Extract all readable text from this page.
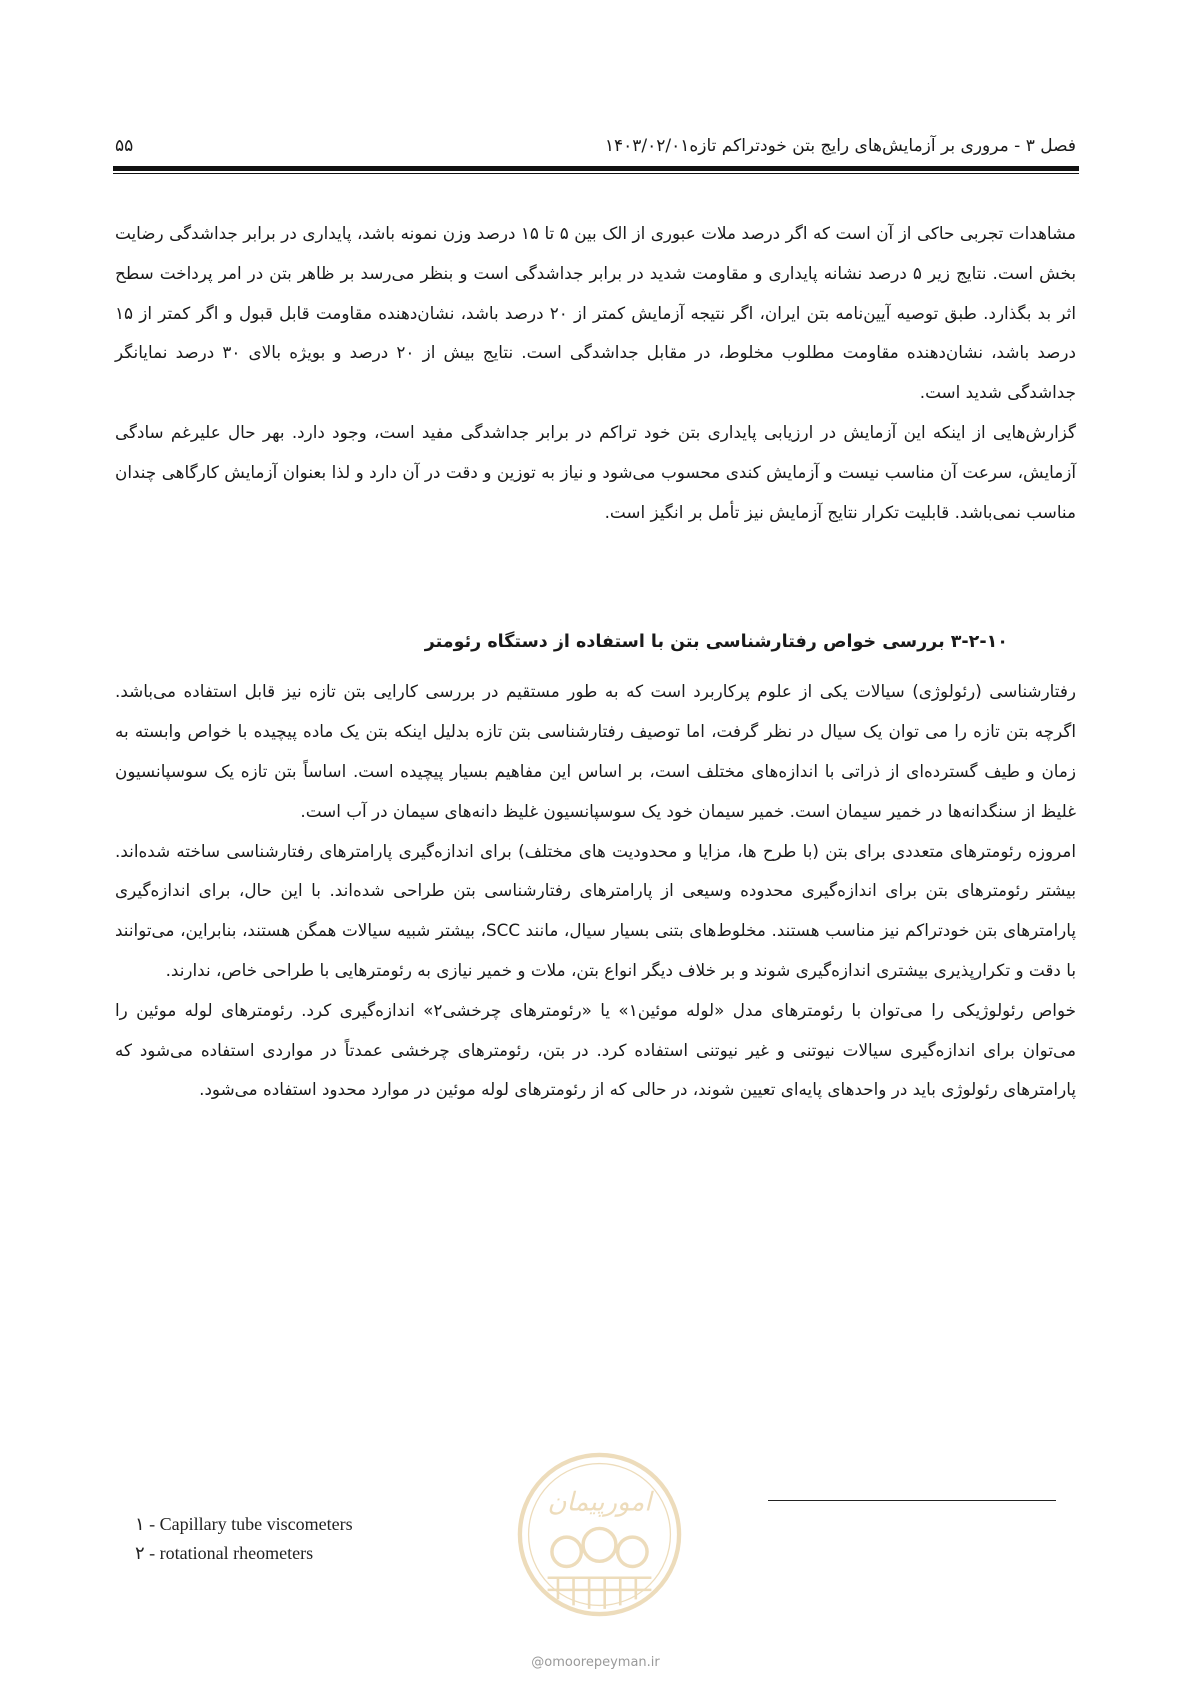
۵۵	فصل ۳ - مروری بر آزمایش‌های رایج بتن خودتراکم تازه۱۴۰۳/۰۲/۰۱

مشاهدات تجربی حاکی از آن است که اگر درصد ملات عبوری از الک بین ۵ تا ۱۵ درصد وزن نمونه باشد، پایداری در برابر جداشدگی رضایت بخش است. نتایج زیر ۵ درصد نشانه پایداری و مقاومت شدید در برابر جداشدگی است و بنظر می‌رسد بر ظاهر بتن در امر پرداخت سطح اثر بد بگذارد. طبق توصیه آیین‌نامه بتن ایران، اگر نتیجه آزمایش کمتر از ۲۰ درصد باشد، نشان‌دهنده مقاومت قابل قبول و اگر کمتر از ۱۵ درصد باشد، نشان‌دهنده مقاومت مطلوب مخلوط، در مقابل جداشدگی است. نتایج بیش از ۲۰ درصد و بویژه بالای ۳۰ درصد نمایانگر جداشدگی شدید است.

گزارش‌هایی از اینکه این آزمایش در ارزیابی پایداری بتن خود تراکم در برابر جداشدگی مفید است، وجود دارد. بهر حال علیرغم سادگی آزمایش، سرعت آن مناسب نیست و آزمایش کندی محسوب می‌شود و نیاز به توزین و دقت در آن دارد و لذا بعنوان آزمایش کارگاهی چندان مناسب نمی‌باشد. قابلیت تکرار نتایج آزمایش نیز تأمل بر انگیز است.

۳-۲-۱۰ بررسی خواص رفتارشناسی بتن با استفاده از دستگاه رئومتر

رفتارشناسی (رئولوژی) سیالات یکی از علوم پرکاربرد است که به طور مستقیم در بررسی کارایی بتن تازه نیز قابل استفاده می‌باشد. اگرچه بتن تازه را می توان یک سیال در نظر گرفت، اما توصیف رفتارشناسی بتن تازه بدلیل اینکه بتن یک ماده پیچیده با خواص وابسته به زمان و طیف گسترده‌ای از ذراتی با اندازه‌های مختلف است، بر اساس این مفاهیم بسیار پیچیده است. اساساً بتن تازه یک سوسپانسیون غلیظ از سنگدانه‌ها در خمیر سیمان است. خمیر سیمان خود یک سوسپانسیون غلیظ دانه‌های سیمان در آب است.

امروزه رئومترهای متعددی برای بتن (با طرح ها، مزایا و محدودیت های مختلف) برای اندازه‌گیری پارامترهای رفتارشناسی ساخته شده‌اند. بیشتر رئومترهای بتن برای اندازه‌گیری محدوده وسیعی از پارامترهای رفتارشناسی بتن طراحی شده‌اند. با این حال، برای اندازه‌گیری پارامترهای بتن خودتراکم نیز مناسب هستند. مخلوط‌های بتنی بسیار سیال، مانند SCC، بیشتر شبیه سیالات همگن هستند، بنابراین، می‌توانند با دقت و تکرارپذیری بیشتری اندازه‌گیری شوند و بر خلاف دیگر انواع بتن، ملات و خمیر نیازی به رئومترهایی با طراحی خاص، ندارند.

خواص رئولوژیکی را می‌توان با رئومترهای مدل «لوله موئین۱» یا «رئومترهای چرخشی۲» اندازه‌گیری کرد. رئومترهای لوله موئین را می‌توان برای اندازه‌گیری سیالات نیوتنی و غیر نیوتنی استفاده کرد. در بتن، رئومترهای چرخشی عمدتاً در مواردی استفاده می‌شود که پارامترهای رئولوژی باید در واحدهای پایه‌ای تعیین شوند، در حالی که از رئومترهای لوله موئین در موارد محدود استفاده می‌شود.

۱ - Capillary tube viscometers
۲ - rotational rheometers
امورپیمان
@omoorepeyman.ir
